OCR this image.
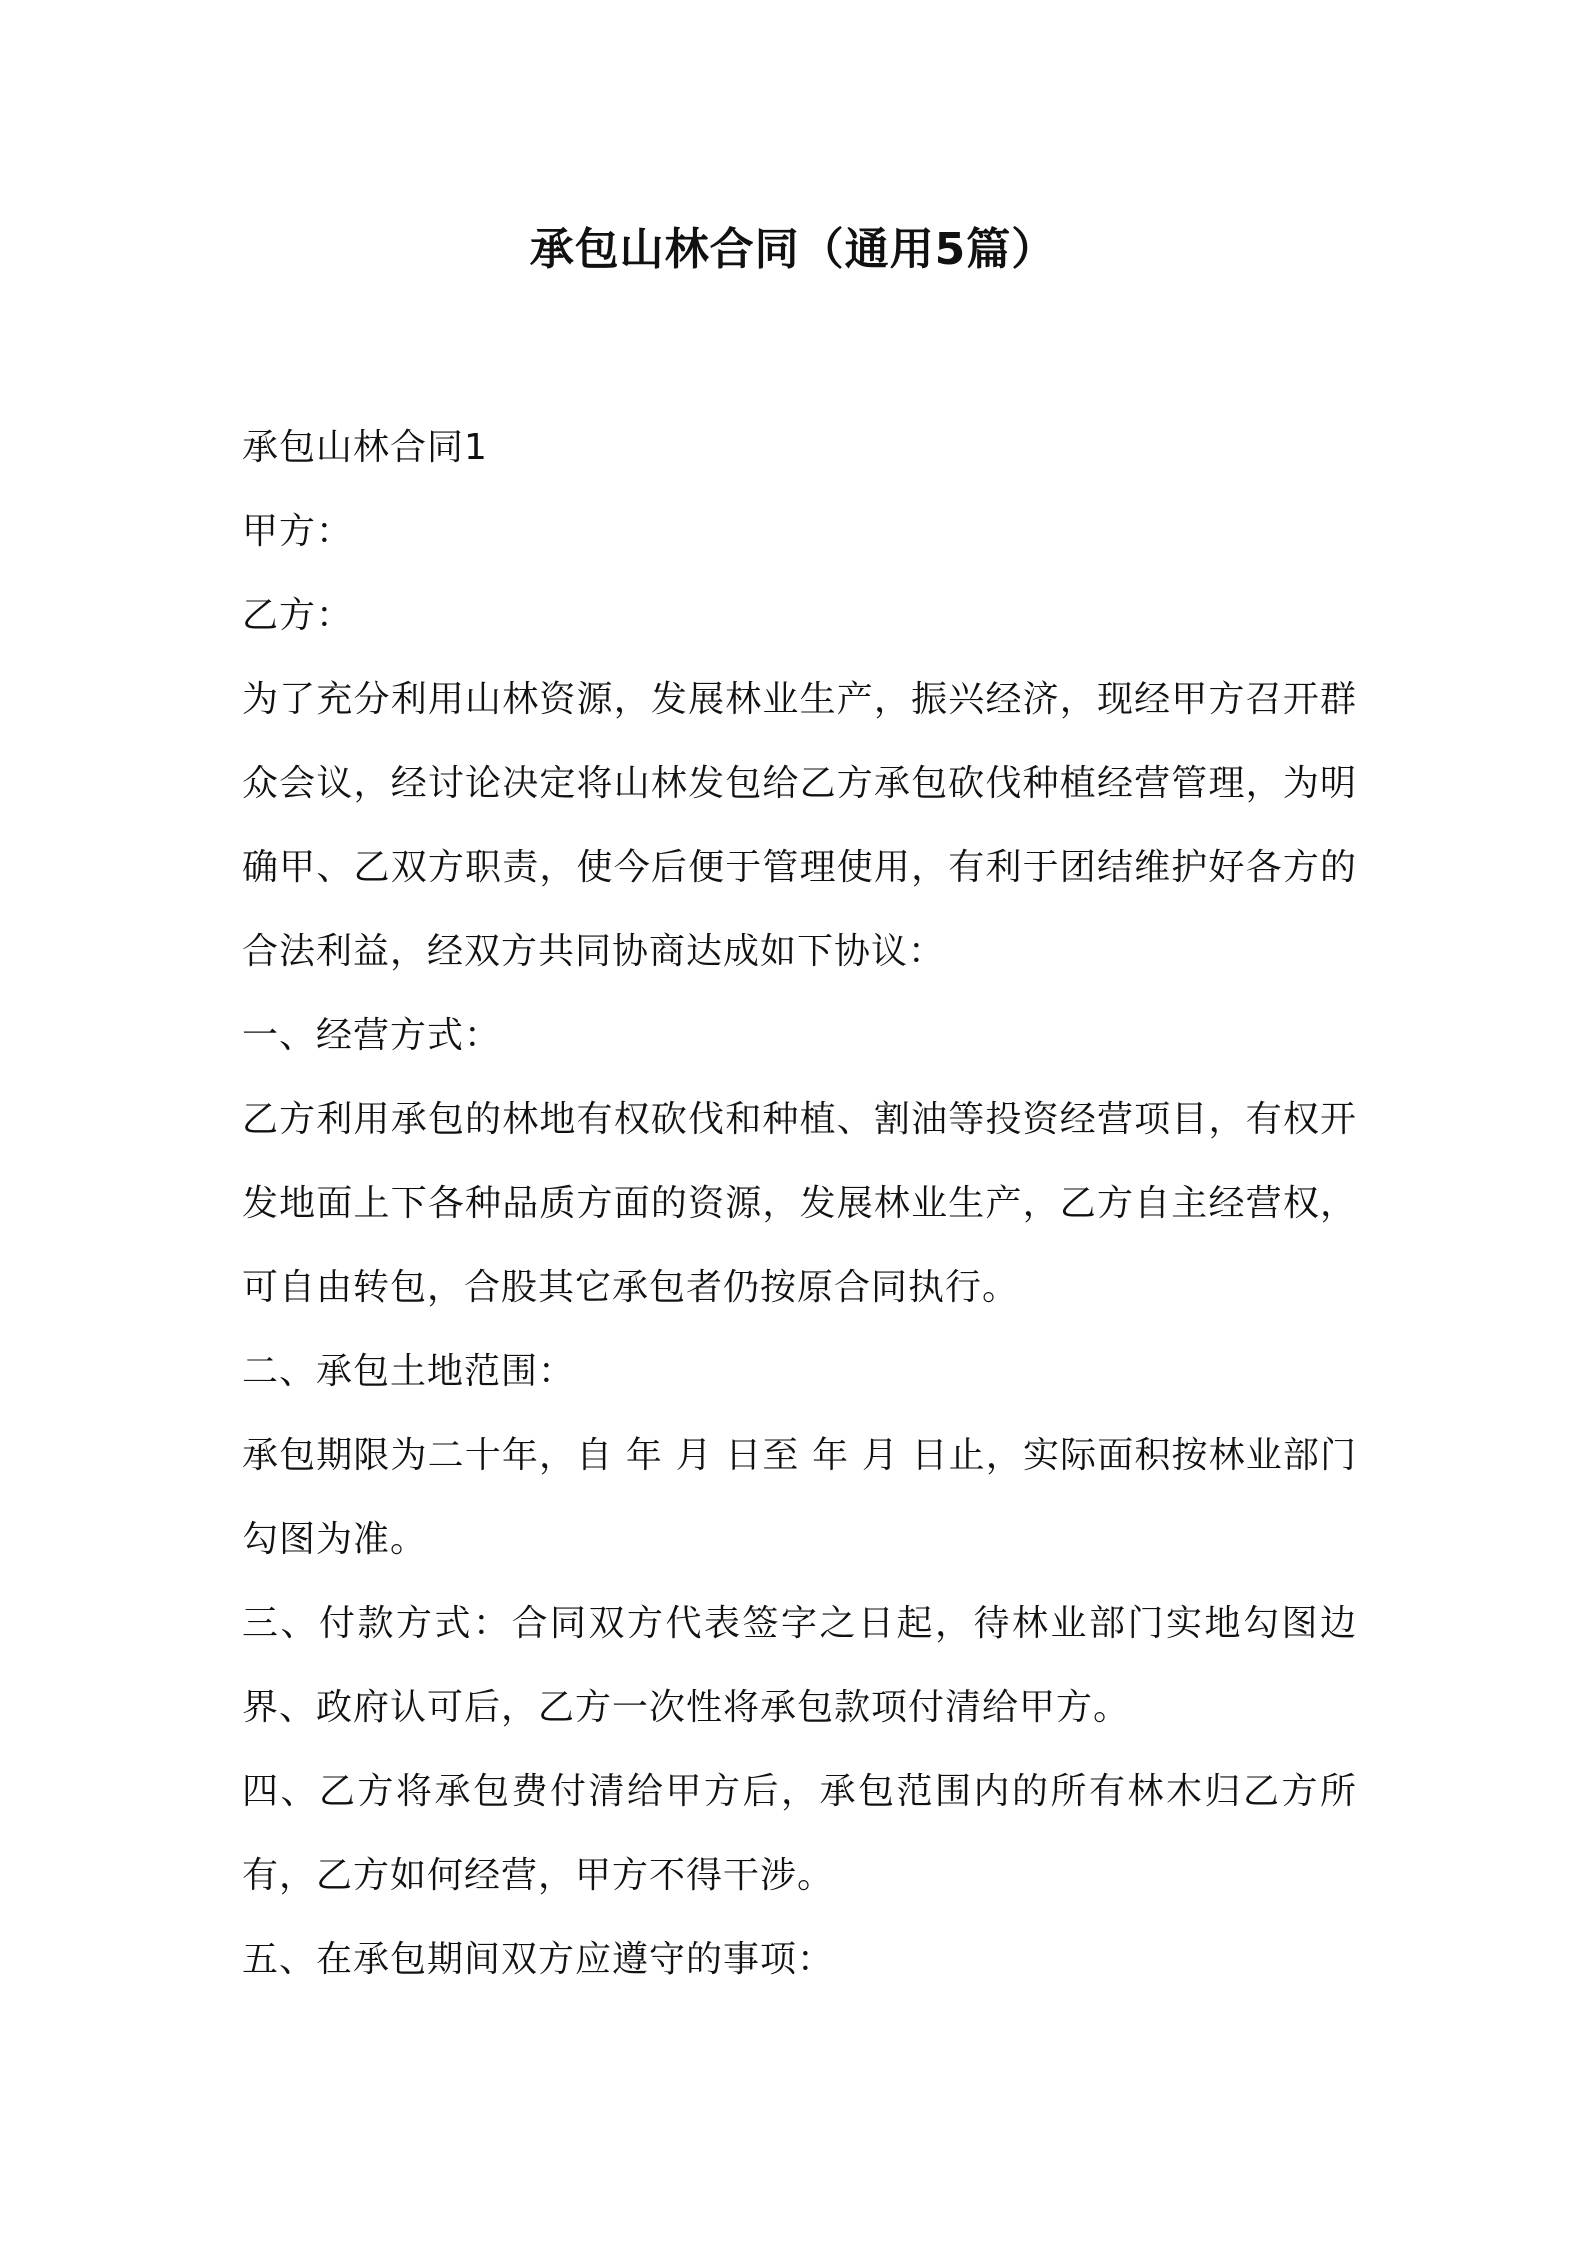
承包山林合同（通用5篇）

承包山林合同1

甲方：

乙方：

为了充分利用山林资源，发展林业生产，振兴经济，现经甲方召开群众会议，经讨论决定将山林发包给乙方承包砍伐种植经营管理，为明确甲、乙双方职责，使今后便于管理使用，有利于团结维护好各方的合法利益，经双方共同协商达成如下协议：

一、经营方式：

乙方利用承包的林地有权砍伐和种植、割油等投资经营项目，有权开发地面上下各种品质方面的资源，发展林业生产，乙方自主经营权，可自由转包，合股其它承包者仍按原合同执行。

二、承包土地范围：

承包期限为二十年，自 年 月 日至 年 月 日止，实际面积按林业部门勾图为准。

三、付款方式：合同双方代表签字之日起，待林业部门实地勾图边界、政府认可后，乙方一次性将承包款项付清给甲方。

四、乙方将承包费付清给甲方后，承包范围内的所有林木归乙方所有，乙方如何经营，甲方不得干涉。

五、在承包期间双方应遵守的事项：
